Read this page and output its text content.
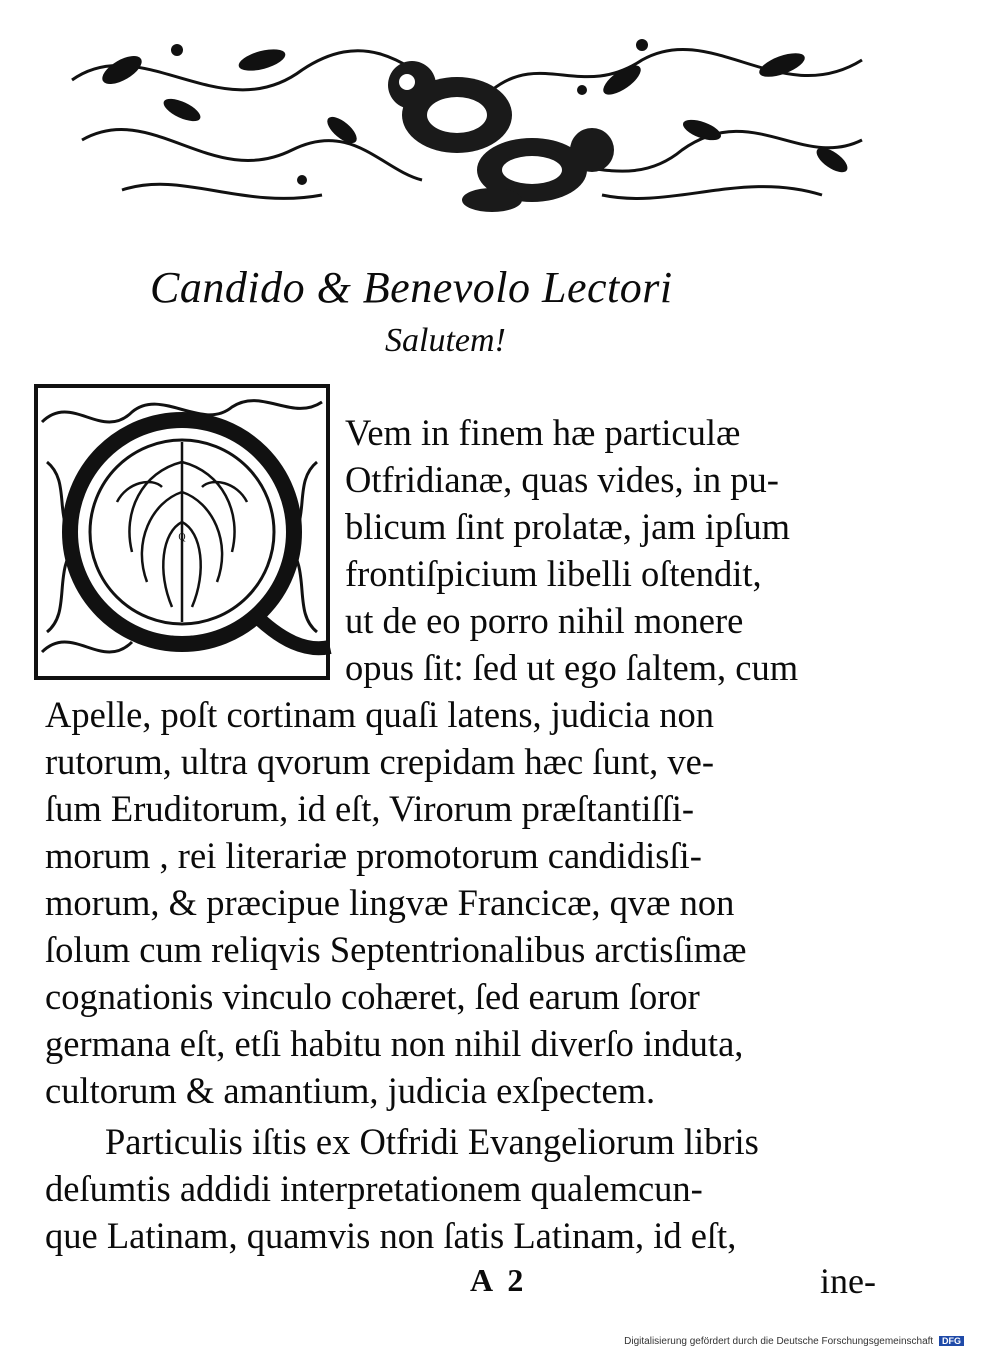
Candido & Benevolo Lectori
Salutem!
Q
Vem in finem hæ particulæ
Otfridianæ, quas vides, in pu-
blicum ſint prolatæ, jam ipſum
frontiſpicium libelli oſtendit,
ut de eo porro nihil monere
opus ſit: ſed ut ego ſaltem, cum
Apelle, poſt cortinam quaſi latens, judicia non
rutorum, ultra qvorum crepidam hæc ſunt, ve-
ſum Eruditorum, id eſt, Virorum præſtantiſſi-
morum , rei literariæ promotorum candidisſi-
morum, & præcipue lingvæ Francicæ, qvæ non
ſolum cum reliqvis Septentrionalibus arctisſimæ
cognationis vinculo cohæret, ſed earum ſoror
germana eſt, etſi habitu non nihil diverſo induta,
cultorum & amantium, judicia exſpectem.
Particulis iſtis ex Otfridi Evangeliorum libris
deſumtis addidi interpretationem qualemcun-
que Latinam, quamvis non ſatis Latinam, id eſt,
A 2	ine-
Digitalisierung gefördert durch die Deutsche Forschungsgemeinschaft DFG
